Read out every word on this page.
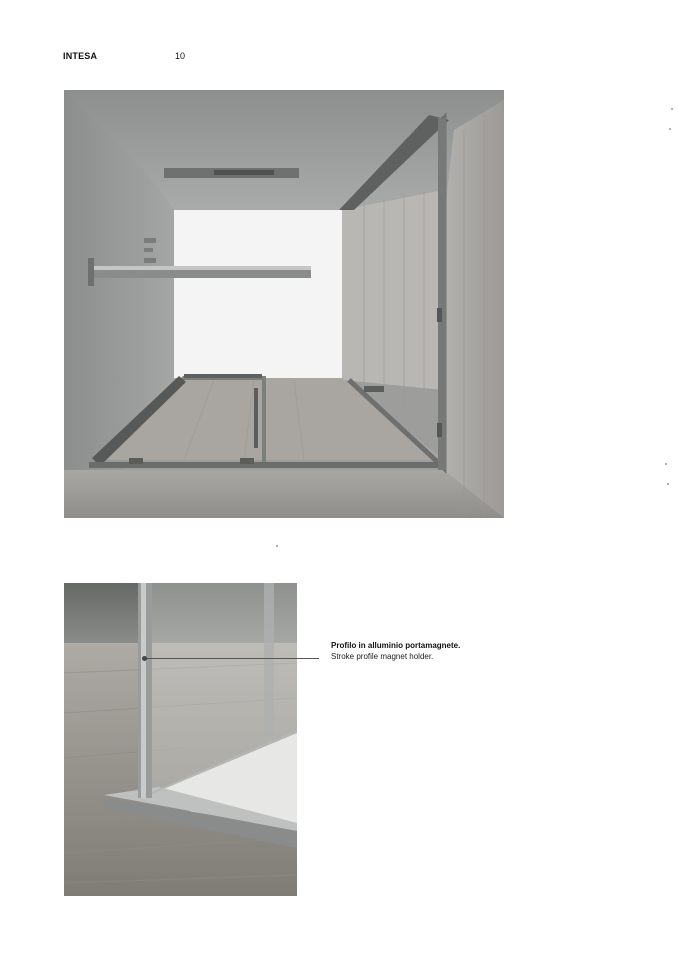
INTESA	10
Profilo in alluminio portamagnete.
Stroke profile magnet holder.
